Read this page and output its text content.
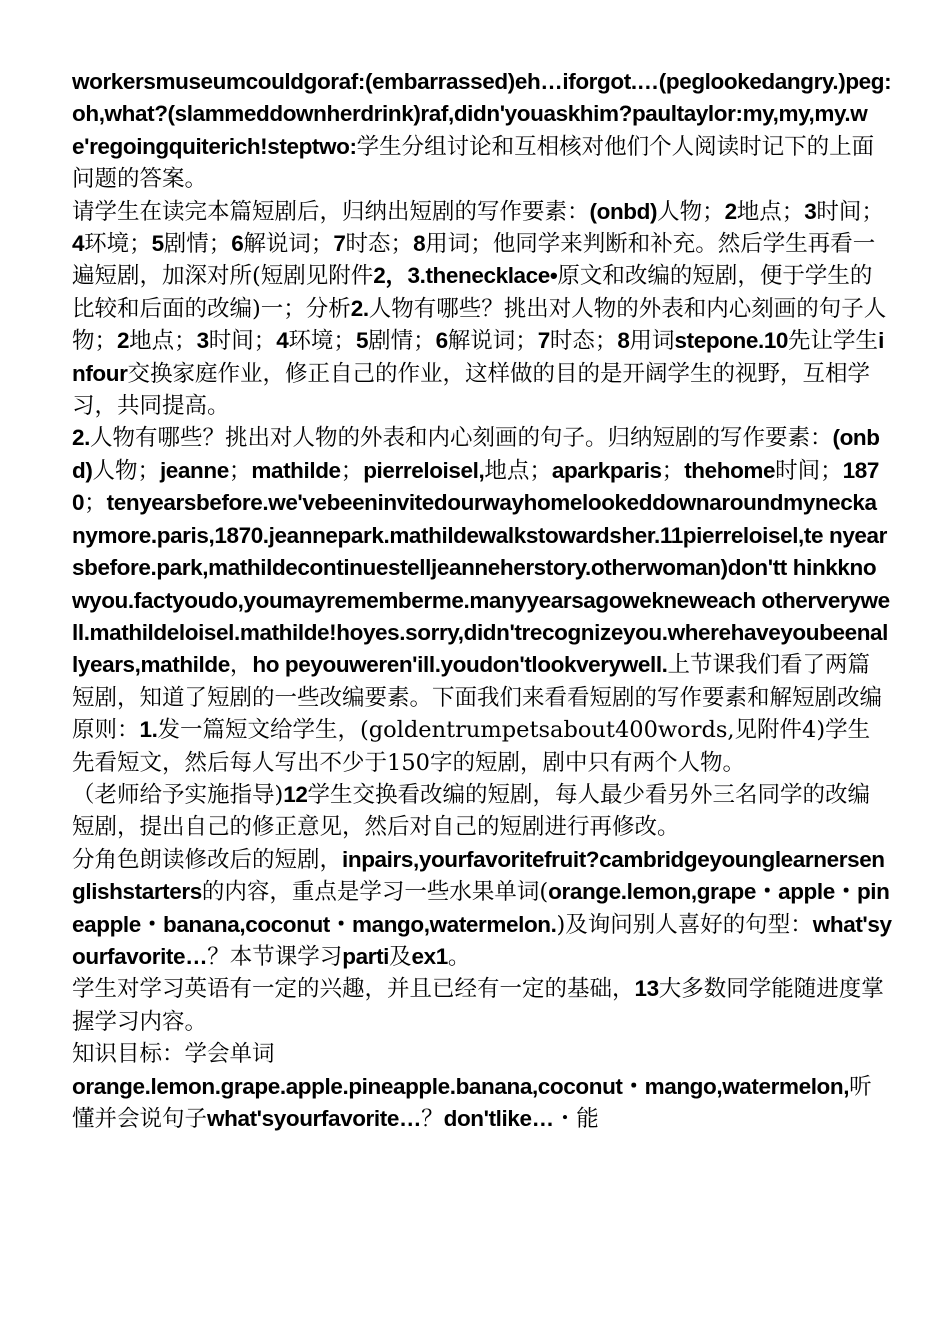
workersmuseumcouldgoraf:(embarrassed)eh…iforgot.…(peglookedangry.)peg:oh,what?(slammeddownherdrink)raf,didn'youaskhim?paultaylor:my,my,my.we'regoingquiterich!steptwo:学生分组讨论和互相核对他们个人阅读时记下的上面问题的答案。

请学生在读完本篇短剧后，归纳出短剧的写作要素：(onbd)人物；2地点；3时间；4环境；5剧情；6解说词；7时态；8用词；他同学来判断和补充。然后学生再看一遍短剧，加深对所(短剧见附件2，3.thenecklace•原文和改编的短剧，便于学生的比较和后面的改编)一；分析2.人物有哪些？挑出对人物的外表和内心刻画的句子人物；2地点；3时间；4环境；5剧情；6解说词；7时态；8用词stepone.10先让学生infour交换家庭作业，修正自己的作业，这样做的目的是开阔学生的视野，互相学习，共同提高。

2.人物有哪些？挑出对人物的外表和内心刻画的句子。归纳短剧的写作要素：(onbd)人物；jeanne；mathilde；pierreloisel,地点；aparkparis；thehome时间；1870；tenyearsbefore.we'vebeeninvitedourwayhomelookeddownaroundmynecka nymore.paris,1870.jeannepark.mathildewalkstowardsher.11pierreloisel,te nyearsbefore.park,mathildecontinuestelljeanneherstory.otherwoman)don'tt hinkknowyou.factyoudo,youmayrememberme.manyyearsagowekneweach otherverywell.mathildeloisel.mathilde!hoyes.sorry,didn'trecognizeyou.wherehaveyoubeenallyears,mathilde，ho peyouweren'ill.youdon'tlookverywell.上节课我们看了两篇短剧，知道了短剧的一些改编要素。下面我们来看看短剧的写作要素和解短剧改编原则：1.发一篇短文给学生，(goldentrumpetsabout400words,见附件4)学生先看短文，然后每人写出不少于150字的短剧，剧中只有两个人物。

（老师给予实施指导)12学生交换看改编的短剧，每人最少看另外三名同学的改编短剧，提出自己的修正意见，然后对自己的短剧进行再修改。

分角色朗读修改后的短剧，inpairs,yourfavoritefruit?cambridgeyounglearnersenglishstarters的内容，重点是学习一些水果单词(orange.lemon,grape・apple・pineapple・banana,coconut・mango,watermelon.)及询问别人喜好的句型：what'syourfavorite…？本节课学习parti及ex1。

学生对学习英语有一定的兴趣，并且已经有一定的基础，13大多数同学能随进度掌握学习内容。

知识目标：学会单词

orange.lemon.grape.apple.pineapple.banana,coconut・mango,watermelon,听懂并会说句子what'syourfavorite…？don'tlike…・能
